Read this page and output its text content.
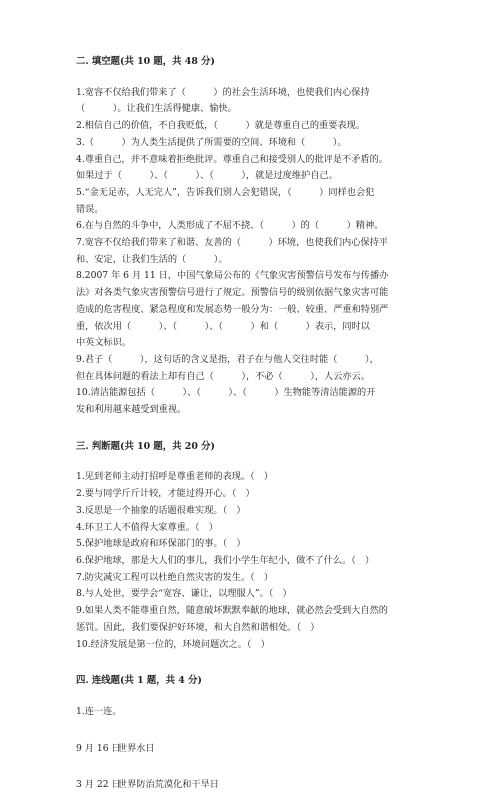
二. 填空题(共 10 题，共 48 分)
1.宽容不仅给我们带来了（　　　）的社会生活环境，也使我们内心保持
（　　　）。让我们生活得健康、愉快。
2.相信自己的价值，不自我贬低，（　　　）就是尊重自己的重要表现。
3.（　　　）为人类生活提供了所需要的空间、环境和（　　　）。
4.尊重自己，并不意味着拒绝批评。尊重自己和接受别人的批评是不矛盾的。
如果过于（　　　）、（　　　）、（　　　），就是过度维护自己。
5.“金无足赤，人无完人”，告诉我们别人会犯错误，（　　　）同样也会犯
错误。
6.在与自然的斗争中，人类形成了不屈不挠、（　　　）的（　　　）精神。
7.宽容不仅给我们带来了和谐、友善的（　　　）环境，也使我们内心保持平
和、安定，让我们生活的（　　　）。
8.2007 年 6 月 11 日，中国气象局公布的《气象灾害预警信号发布与传播办
法》对各类气象灾害预警信号进行了规定。预警信号的级别依据气象灾害可能
造成的危害程度、紧急程度和发展态势一般分为：一般、较重、严重和特别严
重，依次用（　　　）、（　　　）、（　　　）和（　　　）表示，同时以
中英文标识。
9.君子（　　　），这句话的含义是指，君子在与他人交往时能（　　　），
但在具体问题的看法上却有自己（　　　），不必（　　　），人云亦云。
10.清洁能源包括（　　　）、（　　　）、（　　　）生物能等清洁能源的开
发和利用越来越受到重视。
三. 判断题(共 10 题，共 20 分)
1.见到老师主动打招呼是尊重老师的表现。（　）
2.要与同学斤斤计较，才能过得开心。（　）
3.反思是一个抽象的话题很难实现。（　）
4.环卫工人不值得大家尊重。（　）
5.保护地球是政府和环保部门的事。（　）
6.保护地球，那是大人们的事儿，我们小学生年纪小，做不了什么。（　）
7.防灾减灾工程可以杜绝自然灾害的发生。（　）
8.与人处世，要学会“宽容、谦让，以理服人”。（　）
9.如果人类不能尊重自然，随意破坏默默奉献的地球，就必然会受到大自然的
惩罚。因此，我们要保护好环境，和大自然和谐相处。（　）
10.经济发展是第一位的，环境问题次之。（　）
四. 连线题(共 1 题，共 4 分)
1.连一连。
9 月 16 日 世界水日
3 月 22 日 世界防治荒漠化和干旱日
